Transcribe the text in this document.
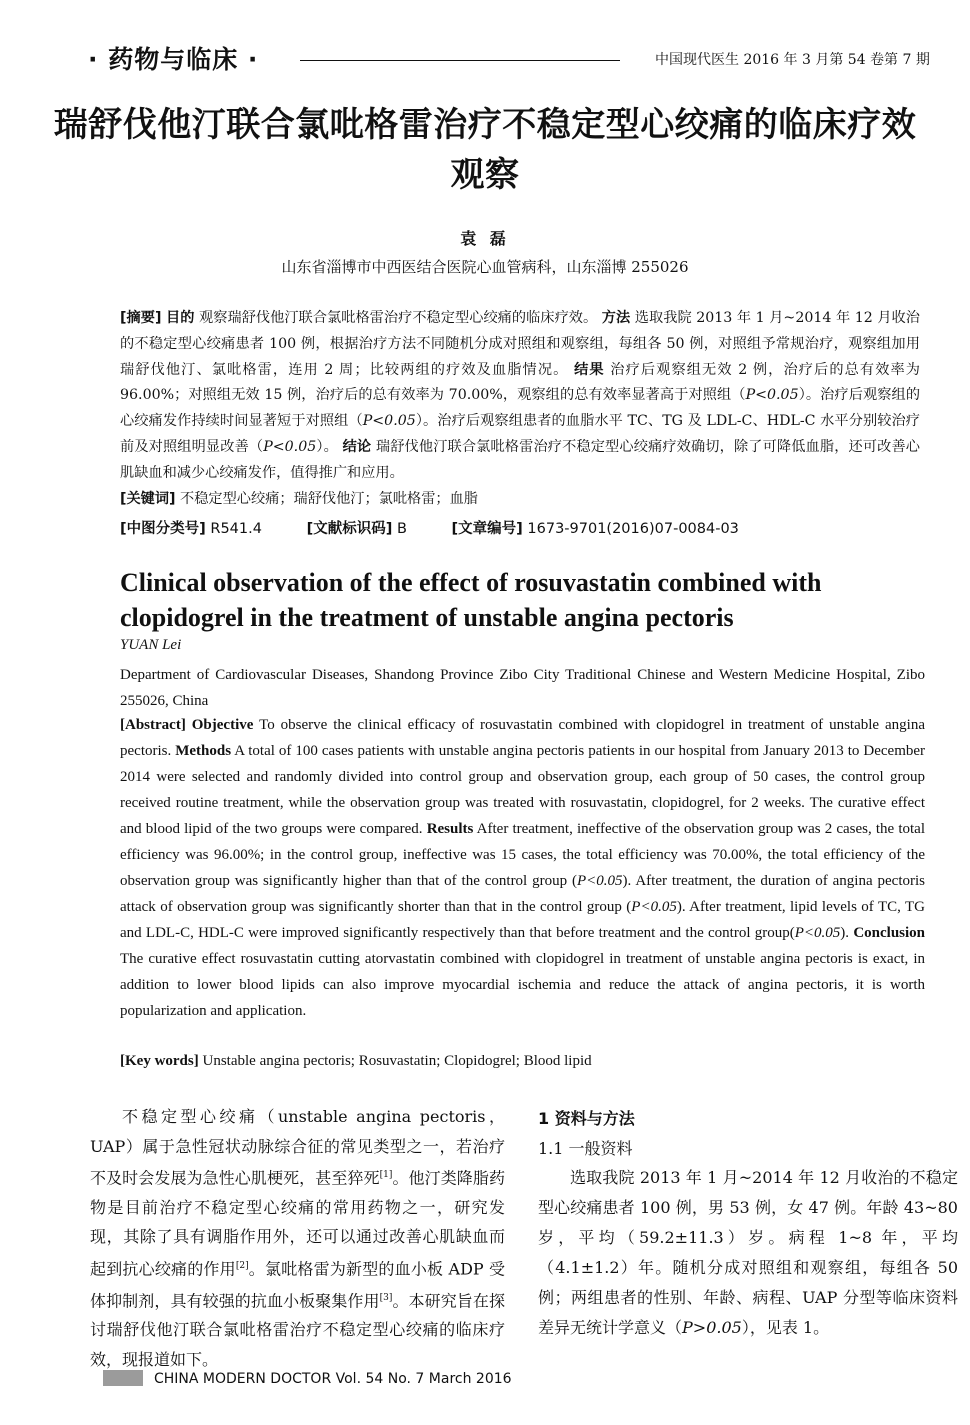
· 药物与临床 ·	中国现代医生 2016 年 3 月第 54 卷第 7 期
瑞舒伐他汀联合氯吡格雷治疗不稳定型心绞痛的临床疗效观察
袁 磊
山东省淄博市中西医结合医院心血管病科，山东淄博 255026

[摘要] 目的 观察瑞舒伐他汀联合氯吡格雷治疗不稳定型心绞痛的临床疗效。 方法 选取我院 2013 年 1 月~2014 年 12 月收治的不稳定型心绞痛患者 100 例，根据治疗方法不同随机分成对照组和观察组，每组各 50 例，对照组予常规治疗，观察组加用瑞舒伐他汀、氯吡格雷，连用 2 周；比较两组的疗效及血脂情况。 结果 治疗后观察组无效 2 例，治疗后的总有效率为 96.00%；对照组无效 15 例，治疗后的总有效率为 70.00%，观察组的总有效率显著高于对照组（P<0.05）。治疗后观察组的心绞痛发作持续时间显著短于对照组（P<0.05）。治疗后观察组患者的血脂水平 TC、TG 及 LDL-C、HDL-C 水平分别较治疗前及对照组明显改善（P<0.05）。 结论 瑞舒伐他汀联合氯吡格雷治疗不稳定型心绞痛疗效确切，除了可降低血脂，还可改善心肌缺血和减少心绞痛发作，值得推广和应用。

[关键词] 不稳定型心绞痛；瑞舒伐他汀；氯吡格雷；血脂

[中图分类号] R541.4	[文献标识码] B	[文章编号] 1673-9701(2016)07-0084-03
Clinical observation of the effect of rosuvastatin combined with clopidogrel in the treatment of unstable angina pectoris
YUAN Lei
Department of Cardiovascular Diseases, Shandong Province Zibo City Traditional Chinese and Western Medicine Hospital, Zibo 255026, China

[Abstract] Objective To observe the clinical efficacy of rosuvastatin combined with clopidogrel in treatment of unstable angina pectoris. Methods A total of 100 cases patients with unstable angina pectoris patients in our hospital from January 2013 to December 2014 were selected and randomly divided into control group and observation group, each group of 50 cases, the control group received routine treatment, while the observation group was treated with rosuvastatin, clopidogrel, for 2 weeks. The curative effect and blood lipid of the two groups were compared. Results After treatment, ineffective of the observation group was 2 cases, the total efficiency was 96.00%; in the control group, ineffective was 15 cases, the total efficiency was 70.00%, the total efficiency of the observation group was significantly higher than that of the control group (P<0.05). After treatment, the duration of angina pectoris attack of observation group was significantly shorter than that in the control group (P<0.05). After treatment, lipid levels of TC, TG and LDL-C, HDL-C were improved significantly respectively than that before treatment and the control group(P<0.05). Conclusion The curative effect rosuvastatin cutting atorvastatin combined with clopidogrel in treatment of unstable angina pectoris is exact, in addition to lower blood lipids can also improve myocardial ischemia and reduce the attack of angina pectoris, it is worth popularization and application.

[Key words] Unstable angina pectoris; Rosuvastatin; Clopidogrel; Blood lipid

不稳定型心绞痛（unstable angina pectoris，UAP）属于急性冠状动脉综合征的常见类型之一，若治疗不及时会发展为急性心肌梗死，甚至猝死[1]。他汀类降脂药物是目前治疗不稳定型心绞痛的常用药物之一，研究发现，其除了具有调脂作用外，还可以通过改善心肌缺血而起到抗心绞痛的作用[2]。氯吡格雷为新型的血小板 ADP 受体抑制剂，具有较强的抗血小板聚集作用[3]。本研究旨在探讨瑞舒伐他汀联合氯吡格雷治疗不稳定型心绞痛的临床疗效，现报道如下。

1 资料与方法
1.1 一般资料

选取我院 2013 年 1 月~2014 年 12 月收治的不稳定型心绞痛患者 100 例，男 53 例，女 47 例。年龄 43~80 岁，平均（59.2±11.3）岁。病程 1~8 年，平均（4.1±1.2）年。随机分成对照组和观察组，每组各 50 例；两组患者的性别、年龄、病程、UAP 分型等临床资料差异无统计学意义（P>0.05），见表 1。

CHINA MODERN DOCTOR Vol. 54 No. 7 March 2016
